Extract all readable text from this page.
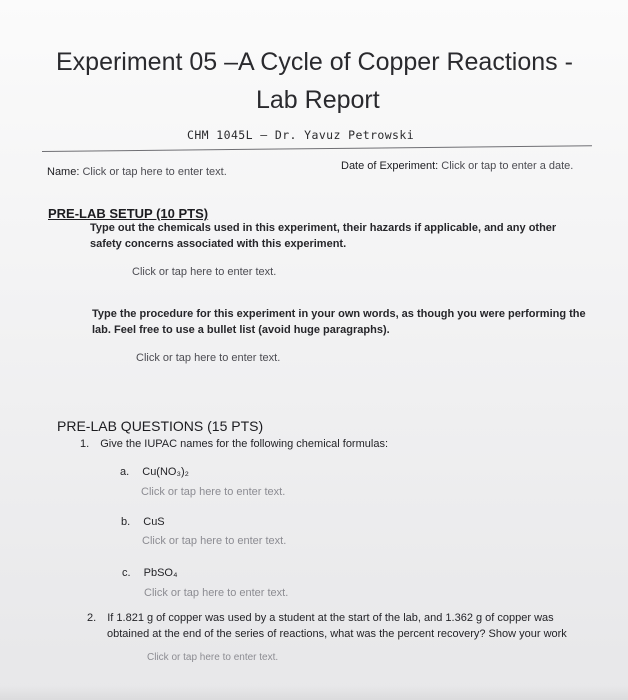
Experiment 05 –A Cycle of Copper Reactions -
Lab Report
CHM 1045L – Dr. Yavuz Petrowski
Name: Click or tap here to enter text.	Date of Experiment: Click or tap to enter a date.
PRE-LAB SETUP (10 PTS)
Type out the chemicals used in this experiment, their hazards if applicable, and any other safety concerns associated with this experiment.
Click or tap here to enter text.
Type the procedure for this experiment in your own words, as though you were performing the lab. Feel free to use a bullet list (avoid huge paragraphs).
Click or tap here to enter text.
PRE-LAB QUESTIONS (15 PTS)
1. Give the IUPAC names for the following chemical formulas:
a. Cu(NO₃)₂
Click or tap here to enter text.
b. CuS
Click or tap here to enter text.
c. PbSO₄
Click or tap here to enter text.
2. If 1.821 g of copper was used by a student at the start of the lab, and 1.362 g of copper was
obtained at the end of the series of reactions, what was the percent recovery? Show your work
Click or tap here to enter text.
